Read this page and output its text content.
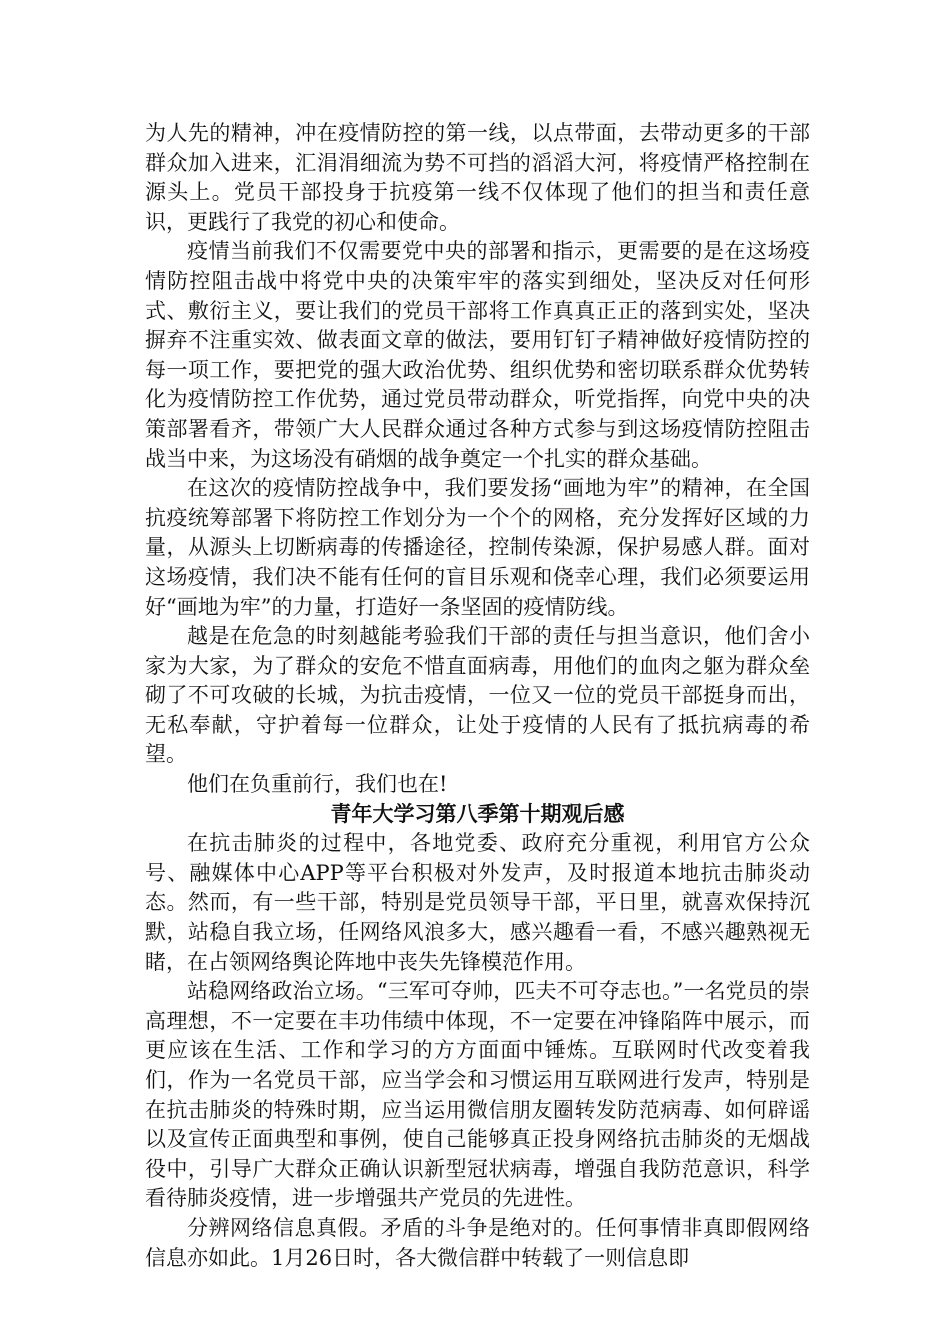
为人先的精神，冲在疫情防控的第一线，以点带面，去带动更多的干部群众加入进来，汇涓涓细流为势不可挡的滔滔大河，将疫情严格控制在源头上。党员干部投身于抗疫第一线不仅体现了他们的担当和责任意识，更践行了我党的初心和使命。

疫情当前我们不仅需要党中央的部署和指示，更需要的是在这场疫情防控阻击战中将党中央的决策牢牢的落实到细处，坚决反对任何形式、敷衍主义，要让我们的党员干部将工作真真正正的落到实处，坚决摒弃不注重实效、做表面文章的做法，要用钉钉子精神做好疫情防控的每一项工作，要把党的强大政治优势、组织优势和密切联系群众优势转化为疫情防控工作优势，通过党员带动群众，听党指挥，向党中央的决策部署看齐，带领广大人民群众通过各种方式参与到这场疫情防控阻击战当中来，为这场没有硝烟的战争奠定一个扎实的群众基础。

在这次的疫情防控战争中，我们要发扬“画地为牢”的精神，在全国抗疫统筹部署下将防控工作划分为一个个的网格，充分发挥好区域的力量，从源头上切断病毒的传播途径，控制传染源，保护易感人群。面对这场疫情，我们决不能有任何的盲目乐观和侥幸心理，我们必须要运用好“画地为牢”的力量，打造好一条坚固的疫情防线。

越是在危急的时刻越能考验我们干部的责任与担当意识，他们舍小家为大家，为了群众的安危不惜直面病毒，用他们的血肉之躯为群众垒砌了不可攻破的长城，为抗击疫情，一位又一位的党员干部挺身而出，无私奉献，守护着每一位群众，让处于疫情的人民有了抵抗病毒的希望。

他们在负重前行，我们也在!

青年大学习第八季第十期观后感

在抗击肺炎的过程中，各地党委、政府充分重视，利用官方公众号、融媒体中心APP等平台积极对外发声，及时报道本地抗击肺炎动态。然而，有一些干部，特别是党员领导干部，平日里，就喜欢保持沉默，站稳自我立场，任网络风浪多大，感兴趣看一看，不感兴趣熟视无睹，在占领网络舆论阵地中丧失先锋模范作用。

站稳网络政治立场。“三军可夺帅，匹夫不可夺志也。”一名党员的崇高理想，不一定要在丰功伟绩中体现，不一定要在冲锋陷阵中展示，而更应该在生活、工作和学习的方方面面中锤炼。互联网时代改变着我们，作为一名党员干部，应当学会和习惯运用互联网进行发声，特别是在抗击肺炎的特殊时期，应当运用微信朋友圈转发防范病毒、如何辟谣以及宣传正面典型和事例，使自己能够真正投身网络抗击肺炎的无烟战役中，引导广大群众正确认识新型冠状病毒，增强自我防范意识，科学看待肺炎疫情，进一步增强共产党员的先进性。

分辨网络信息真假。矛盾的斗争是绝对的。任何事情非真即假网络信息亦如此。1月26日时，各大微信群中转载了一则信息即
